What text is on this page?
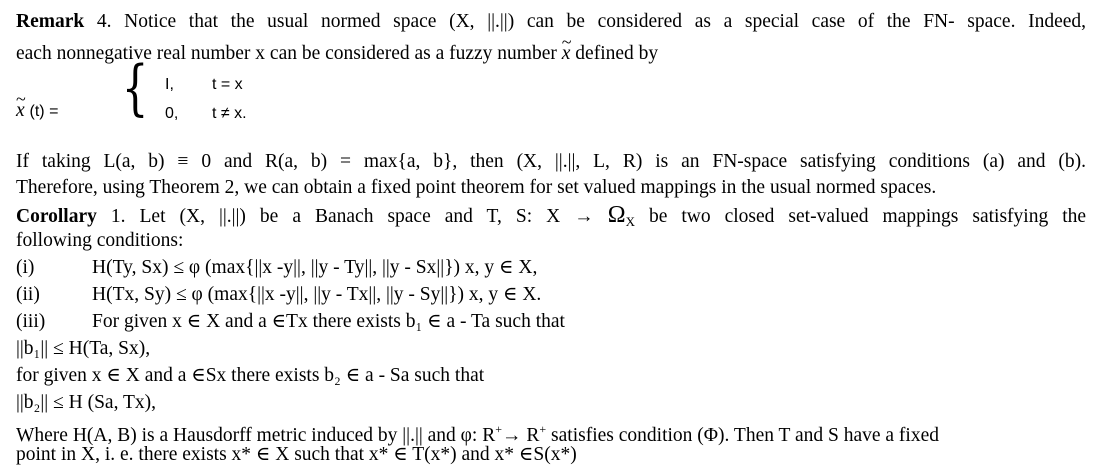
Remark 4. Notice that the usual normed space (X, ||.||) can be considered as a special case of the FN- space. Indeed,
each nonnegative real number x can be considered as a fuzzy number ~ x defined by
~ x (t) = { I, t = x
0, t ≠ x.
If taking L(a, b) ≡ 0 and R(a, b) = max{a, b}, then (X, ||.||, L, R) is an FN-space satisfying conditions (a) and (b).
Therefore, using Theorem 2, we can obtain a fixed point theorem for set valued mappings in the usual normed spaces.
Corollary 1. Let (X, ||.||) be a Banach space and T, S: $X \to \Omega_X$ be two closed set-valued mappings satisfying the
following conditions:
(i)	H(Ty, Sx) ≤ φ (max{||x -y||, ||y - Ty||, ||y - Sx||}) x, y ∈ X,
(ii)	H(Tx, Sy) ≤ φ (max{||x -y||, ||y - Tx||, ||y - Sy||}) x, y ∈ X.
(iii) For given x ∈ X and a ∈Tx there exists b₁ ∈ a - Ta such that
||b₁|| ≤ H(Ta, Sx),
for given x ∈ X and a ∈Sx there exists b₂ ∈ a - Sa such that
||b₂|| ≤ H (Sa, Tx),
Where H(A, B) is a Hausdorff metric induced by ||.|| and φ: R+→ R+ satisfies condition (Φ). Then T and S have a fixed
point in X, i. e. there exists x* ∈ X such that x* ∈ T(x*) and x* ∈S(x*)
